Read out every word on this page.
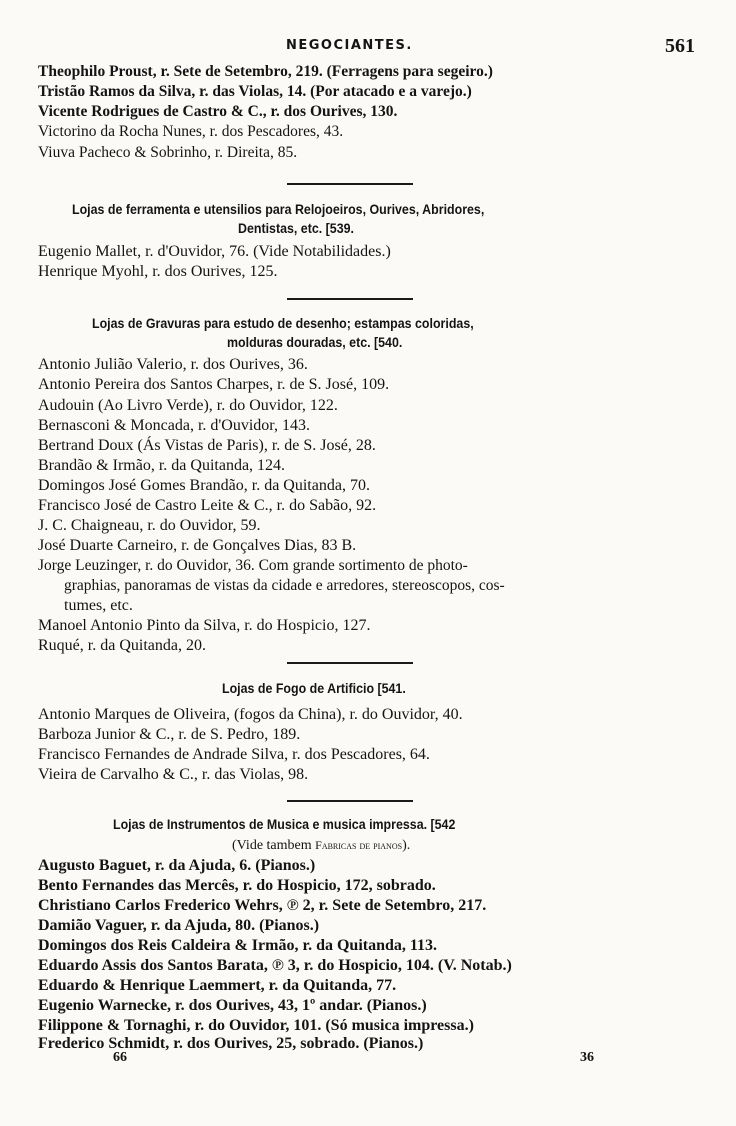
NEGOCIANTES.	561
Theophilo Proust, r. Sete de Setembro, 219. (Ferragens para segeiro.)
Tristão Ramos da Silva, r. das Violas, 14. (Por atacado e a varejo.)
Vicente Rodrigues de Castro & C., r. dos Ourives, 130.
Victorino da Rocha Nunes, r. dos Pescadores, 43.
Viuva Pacheco & Sobrinho, r. Direita, 85.
Lojas de ferramenta e utensilios para Relojoeiros, Ourives, Abridores,
Dentistas, etc. [539.
Eugenio Mallet, r. d'Ouvidor, 76. (Vide Notabilidades.)
Henrique Myohl, r. dos Ourives, 125.
Lojas de Gravuras para estudo de desenho; estampas coloridas,
molduras douradas, etc. [540.
Antonio Julião Valerio, r. dos Ourives, 36.
Antonio Pereira dos Santos Charpes, r. de S. José, 109.
Audouin (Ao Livro Verde), r. do Ouvidor, 122.
Bernasconi & Moncada, r. d'Ouvidor, 143.
Bertrand Doux (Ás Vistas de Paris), r. de S. José, 28.
Brandão & Irmão, r. da Quitanda, 124.
Domingos José Gomes Brandão, r. da Quitanda, 70.
Francisco José de Castro Leite & C., r. do Sabão, 92.
J. C. Chaigneau, r. do Ouvidor, 59.
José Duarte Carneiro, r. de Gonçalves Dias, 83 B.
Jorge Leuzinger, r. do Ouvidor, 36. Com grande sortimento de photo-
graphias, panoramas de vistas da cidade e arredores, stereoscopos, cos-
tumes, etc.
Manoel Antonio Pinto da Silva, r. do Hospicio, 127.
Ruqué, r. da Quitanda, 20.
Lojas de Fogo de Artificio [541.
Antonio Marques de Oliveira, (fogos da China), r. do Ouvidor, 40.
Barboza Junior & C., r. de S. Pedro, 189.
Francisco Fernandes de Andrade Silva, r. dos Pescadores, 64.
Vieira de Carvalho & C., r. das Violas, 98.
Lojas de Instrumentos de Musica e musica impressa. [542
(Vide tambem Fabricas de pianos).
Augusto Baguet, r. da Ajuda, 6. (Pianos.)
Bento Fernandes das Mercês, r. do Hospicio, 172, sobrado.
Christiano Carlos Frederico Wehrs, ℗ 2, r. Sete de Setembro, 217.
Damião Vaguer, r. da Ajuda, 80. (Pianos.)
Domingos dos Reis Caldeira & Irmão, r. da Quitanda, 113.
Eduardo Assis dos Santos Barata, ℗ 3, r. do Hospicio, 104. (V. Notab.)
Eduardo & Henrique Laemmert, r. da Quitanda, 77.
Eugenio Warnecke, r. dos Ourives, 43, 1º andar. (Pianos.)
Filippone & Tornaghi, r. do Ouvidor, 101. (Só musica impressa.)
Frederico Schmidt, r. dos Ourives, 25, sobrado. (Pianos.)
66	36
